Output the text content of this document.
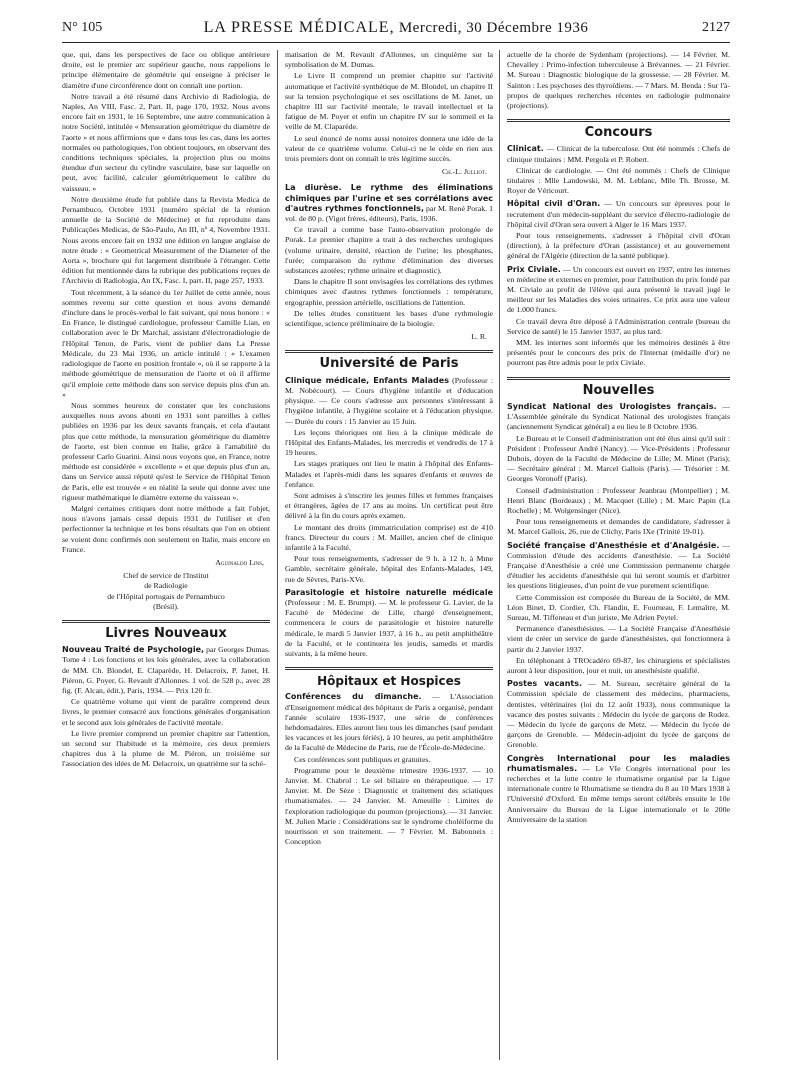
N° 105	LA PRESSE MÉDICALE, Mercredi, 30 Décembre 1936	2127

que, qui, dans les perspectives de face ou oblique antérieure droite, est le premier arc supérieur gauche, nous rappelions le principe élémentaire de géométrie qui enseigne à préciser le diamètre d'une circonférence dont on connaît une portion.

Notre travail a été résumé dans Archivio di Radiologia, de Naples, An VIII, Fasc. 2, Part. II, page 170, 1932. Nous avons encore fait en 1931, le 16 Septembre, une autre communication à notre Société, intitulée « Mensuration géométrique du diamètre de l'aorte » et nous affirmions que « dans tous les cas, dans les aortes normales ou pathologiques, l'on obtient toujours, en observant des conditions techniques spéciales, la projection plus ou moins étendue d'un secteur du cylindre vasculaire, base sur laquelle on peut, avec facilité, calculer géométriquement le calibre du vaisseau. »

Notre deuxième étude fut publiée dans la Revista Medica de Pernambuco, Octobre 1931 (numéro spécial de la réunion annuelle de la Société de Médecine) et fut reproduite dans Publicações Medicas, de São-Paulo, An III, nº 4, Novembre 1931. Nous avons encore fait en 1932 une édition en langue anglaise de notre étude : « Geometrical Measurement of the Diameter of the Aorta », brochure qui fut largement distribuée à l'étranger. Cette édition fut mentionnée dans la rubrique des publications reçues de l'Archivio di Radiologia, An IX, Fasc. I, part. II, page 257, 1933.

Tout récemment, à la séance du 1er Juillet de cette année, nous sommes revenu sur cette question et nous avons demandé d'inclure dans le procès-verbal le fait suivant, qui nous honore : « En France, le distingué cardiologue, professeur Camille Lian, en collaboration avec le Dr Marchal, assistant d'électroradiologie de l'Hôpital Tenon, de Paris, vient de publier dans La Presse Médicale, du 23 Mai 1936, un article intitulé : « L'examen radiologique de l'aorte en position frontale », où il se rapporte à la méthode géométrique de mensuration de l'aorte et où il affirme qu'il emploie cette méthode dans son service depuis plus d'un an. »

Nous sommes heureux de constater que les conclusions auxquelles nous avons abouti en 1931 sont pareilles à celles publiées en 1936 par les deux savants français, et cela d'autant plus que cette méthode, la mensuration géométrique du diamètre de l'aorte, est bien connue en Italie, grâce à l'amabilité du professeur Carlo Guarini. Ainsi nous voyons que, en France, notre méthode est considérée « excellente » et que depuis plus d'un an, dans un Service aussi réputé qu'est le Service de l'Hôpital Tenon de Paris, elle est trouvée « en réalité la seule qui donne avec une rigueur mathématique le diamètre externe du vaisseau ».

Malgré certaines critiques dont notre méthode a fait l'objet, nous n'avons jamais cessé depuis 1931 de l'utiliser et d'en perfectionner la technique et les bons résultats que l'on en obtient se voient donc confirmés non seulement en Italie, mais encore en France.

Aguinaldo Lins,

Chef de service de l'Institut

de Radiologie

de l'Hôpital portugais de Pernambuco

(Brésil).

Livres Nouveaux

Nouveau Traité de Psychologie, par Georges Dumas. Tome 4 : Les fonctions et les lois générales, avec la collaboration de MM. Ch. Blondel, E. Claparède, H. Delacroix, P. Janet, H. Piéron, G. Poyer, G. Revault d'Allonnes. 1 vol. de 528 p., avec 28 fig. (F. Alcan, édit.), Paris, 1934. — Prix 120 fr.

Ce quatrième volume qui vient de paraître comprend deux livres, le premier consacré aux fonctions générales d'organisation et le second aux lois générales de l'activité mentale.

Le livre premier comprend un premier chapitre sur l'attention, un second sur l'habitude et la mémoire, ces deux premiers chapitres dus à la plume de M. Piéron, un troisième sur l'association des idées de M. Delacroix, un quatrième sur la sché-

matisation de M. Revault d'Allonnes, un cinquième sur la symbolisation de M. Dumas.

Le Livre II comprend un premier chapitre sur l'activité automatique et l'activité synthétique de M. Blondel, un chapitre II sur la tension psychologique et ses oscillations de M. Janet, un chapitre III sur l'activité mentale, le travail intellectuel et la fatigue de M. Poyer et enfin un chapitre IV sur le sommeil et la veille de M. Claparède.

Le seul énoncé de noms aussi notoires donnera une idée de la valeur de ce quatrième volume. Celui-ci ne le cède en rien aux trois premiers dont on connaît le très légitime succès.

Ch.-L. Julliot.

La diurèse. Le rythme des éliminations chimiques par l'urine et ses corrélations avec d'autres rythmes fonctionnels, par M. René Porak. 1 vol. de 80 p. (Vigot frères, éditeurs), Paris, 1936.

Ce travail a comme base l'auto-observation prolongée de Porak. Le premier chapitre a trait à des recherches urologiques (volume urinaire, densité, réaction de l'urine; les phosphates, l'urée; comparaison du rythme d'élimination des diverses substances azotées; rythme urinaire et diagnostic).

Dans le chapitre II sont envisagées les corrélations des rythmes chimiques avec d'autres rythmes fonctionnels : température, ergographie, pression artérielle, oscillations de l'attention.

De telles études constituent les bases d'une rythmologie scientifique, science préliminaire de la biologie.

L. R.

Université de Paris

Clinique médicale, Enfants Malades (Professeur : M. Nobécourt). — Cours d'hygiène infantile et d'éducation physique. — Ce cours s'adresse aux personnes s'intéressant à l'hygiène infantile, à l'hygiène scolaire et à l'éducation physique. — Durée du cours : 15 Janvier au 15 Juin.

Les leçons théoriques ont lieu à la clinique médicale de l'Hôpital des Enfants-Malades, les mercredis et vendredis de 17 à 19 heures.

Les stages pratiques ont lieu le matin à l'hôpital des Enfants-Malades et l'après-midi dans les squares d'enfants et œuvres de l'enfance.

Sont admises à s'inscrire les jeunes filles et femmes françaises et étrangères, âgées de 17 ans au moins. Un certificat peut être délivré à la fin du cours après examen.

Le montant des droits (immatriculation comprise) est de 410 francs. Directeur du cours : M. Maillet, ancien chef de clinique infantile à la Faculté.

Pour tous renseignements, s'adresser de 9 h. à 12 h. à Mme Gamble, secrétaire générale, hôpital des Enfants-Malades, 149, rue de Sèvres, Paris-XVe.

Parasitologie et histoire naturelle médicale (Professeur : M. E. Brumpt). — M. le professeur G. Lavier, de la Faculté de Médecine de Lille, chargé d'enseignement, commencera le cours de parasitologie et histoire naturelle médicale, le mardi 5 Janvier 1937, à 16 h., au petit amphithéâtre de la Faculté, et le continuera les jeudis, samedis et mardis suivants, à la même heure.

Hôpitaux et Hospices

Conférences du dimanche. — L'Association d'Enseignement médical des hôpitaux de Paris a organisé, pendant l'année scolaire 1936-1937, une série de conférences hebdomadaires. Elles auront lieu tous les dimanches (sauf pendant les vacances et les jours fériés), à 10 heures, au petit amphithéâtre de la Faculté de Médecine de Paris, rue de l'École-de-Médecine.

Ces conférences sont publiques et gratuites.

Programme pour le deuxième trimestre 1936-1937. — 10 Janvier. M. Chabrol : Le sel biliaire en thérapeutique. — 17 Janvier. M. De Sèze : Diagnostic et traitement des sciatiques rhumatismales. — 24 Janvier. M. Ameuille : Limites de l'exploration radiologique du poumon (projections). — 31 Janvier. M. Julien Marie : Considérations sur le syndrome choléiforme du nourrisson et son traitement. — 7 Février. M. Babonneix : Conception

actuelle de la chorée de Sydenham (projections). — 14 Février. M. Chevalley : Primo-infection tuberculeuse à Brévannes. — 21 Février. M. Sureau : Diagnostic biologique de la grossesse. — 28 Février. M. Sainton : Les psychoses des thyroïdiens. — 7 Mars. M. Benda : Sur l'à-propos de quelques recherches récentes en radiologie pulmonaire (projections).

Concours

Clinicat. — Clinicat de la tuberculose. Ont été nommés : Chefs de clinique titulaires : MM. Pergola et P. Robert.

Clinicat de cardiologie. — Ont été nommés : Chefs de Clinique titulaires : Mlle Landowski, M. M. Leblanc, Mlle Th. Brosse, M. Royer de Véricourt.

Hôpital civil d'Oran. — Un concours sur épreuves pour le recrutement d'un médecin-suppléant du service d'électro-radiologie de l'hôpital civil d'Oran sera ouvert à Alger le 16 Mars 1937.

Pour tous renseignements, s'adresser à l'hôpital civil d'Oran (direction), à la préfecture d'Oran (assistance) et au gouvernement général de l'Algérie (direction de la santé publique).

Prix Civiale. — Un concours est ouvert en 1937, entre les internes en médecine et externes en premier, pour l'attribution du prix fondé par M. Civiale au profit de l'élève qui aura présenté le travail jugé le meilleur sur les Maladies des voies urinaires. Ce prix aura une valeur de 1.000 francs.

Ce travail devra être déposé à l'Administration centrale (bureau du Service de santé) le 15 Janvier 1937, au plus tard.

MM. les internes sont informés que les mémoires destinés à être présentés pour le concours des prix de l'Internat (médaille d'or) ne pourront pas être admis pour le prix Civiale.

Nouvelles

Syndicat National des Urologistes français. — L'Assemblée générale du Syndicat National des urologistes français (anciennement Syndicat général) a eu lieu le 8 Octobre 1936.

Le Bureau et le Conseil d'administration ont été élus ainsi qu'il suit : Président : Professeur André (Nancy). — Vice-Présidents : Professeur Dubois, doyen de la Faculté de Médecine de Lille; M. Minet (Paris); — Secrétaire général : M. Marcel Gallois (Paris). — Trésorier : M. Georges Voronoff (Paris).

Conseil d'administration : Professeur Jeanbrau (Montpellier) ; M. Henri Blanc (Bordeaux) ; M. Macquet (Lille) ; M. Marc Papin (La Rochelle) ; M. Wolgensinger (Nice).

Pour tous renseignements et demandes de candidature, s'adresser à M. Marcel Gallois, 26, rue de Clichy, Paris IXe (Trinité 19-01).

Société française d'Anesthésie et d'Analgésie. — Commission d'étude des accidents d'anesthésie. — La Société Française d'Anesthésie a créé une Commission permanente chargée d'étudier les accidents d'anesthésie qui lui seront soumis et d'arbitrer les questions litigieuses, d'un point de vue purement scientifique.

Cette Commission est composée du Bureau de la Société, de MM. Léon Binet, D. Cordier, Ch. Flandin, E. Fourneau, F. Lemaître, M. Sureau, M. Tiffeneau et d'un juriste, Me Adrien Peytel.

Permanence d'anesthésistes. — La Société Française d'Anesthésie vient de créer un service de garde d'anesthésistes, qui fonctionnera à partir du 2 Janvier 1937.

En téléphonant à TROcadéro 69-87, les chirurgiens et spécialistes auront à leur disposition, jour et nuit, un anesthésiste qualifié.

Postes vacants. — M. Sureau, secrétaire général de la Commission spéciale de classement des médecins, pharmaciens, dentistes, vétérinaires (loi du 12 août 1933), nous communique la vacance des postes suivants : Médecin du lycée de garçons de Rodez. — Médecin du lycée de garçons de Metz. — Médecin du lycée de garçons de Grenoble. — Médecin-adjoint du lycée de garçons de Grenoble.

Congrès International pour les maladies rhumatismales. — Le VIe Congrès international pour les recherches et la lutte contre le rhumatisme organisé par la Ligue internationale contre le Rhumatisme se tiendra du 8 au 10 Mars 1938 à l'Université d'Oxford. En même temps seront célébrés ensuite le 10e Anniversaire du Bureau de la Ligue internationale et le 200e Anniversaire de la station
